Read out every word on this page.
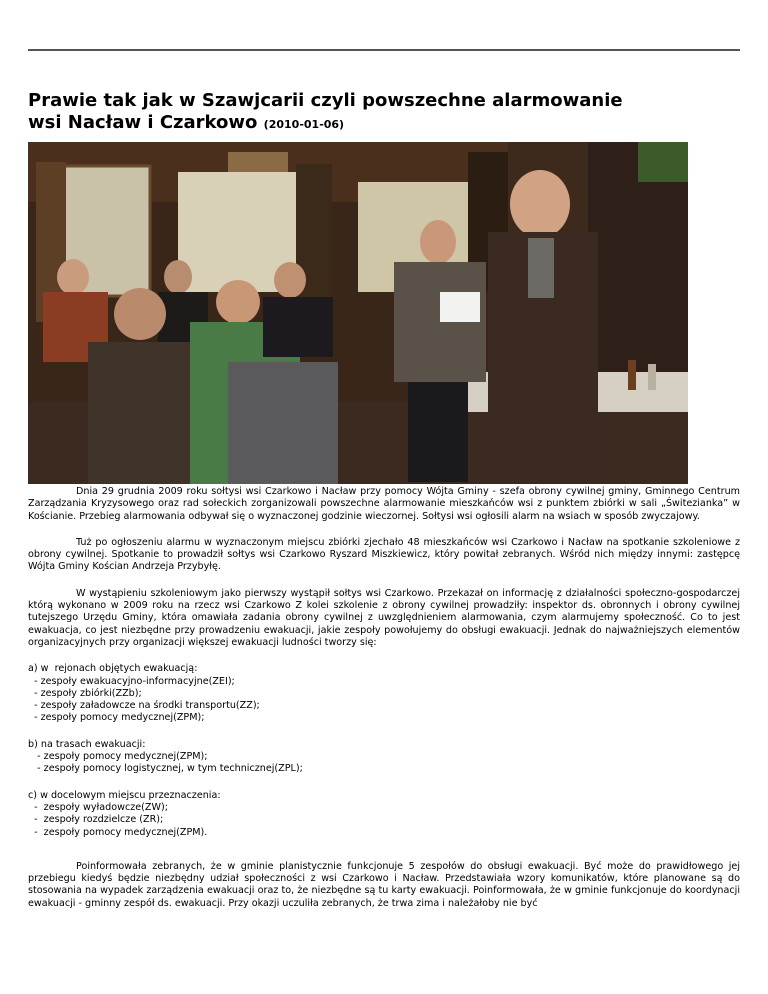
Prawie tak jak w Szawjcarii czyli powszechne alarmowanie
wsi Nacław i Czarkowo (2010-01-06)

Dnia 29 grudnia 2009 roku sołtysi wsi Czarkowo i Nacław przy pomocy Wójta Gminy - szefa obrony cywilnej gminy, Gminnego Centrum Zarządzania Kryzysowego oraz rad sołeckich zorganizowali powszechne alarmowanie mieszkańców wsi z punktem zbiórki w sali „Świtezianka” w Kościanie. Przebieg alarmowania odbywał się o wyznaczonej godzinie wieczornej. Sołtysi wsi ogłosili alarm na wsiach w sposób zwyczajowy.

Tuż po ogłoszeniu alarmu w wyznaczonym miejscu zbiórki zjechało 48 mieszkańców wsi Czarkowo i Nacław na spotkanie szkoleniowe z obrony cywilnej. Spotkanie to prowadził sołtys wsi Czarkowo Ryszard Miszkiewicz, który powitał zebranych. Wśród nich między innymi: zastępcę Wójta Gminy Kościan Andrzeja Przybyłę.

W wystąpieniu szkoleniowym jako pierwszy wystąpił sołtys wsi Czarkowo. Przekazał on informację z działalności społeczno-gospodarczej którą wykonano w 2009 roku na rzecz wsi Czarkowo Z kolei szkolenie z obrony cywilnej prowadziły: inspektor ds. obronnych i obrony cywilnej tutejszego Urzędu Gminy, która omawiała zadania obrony cywilnej z uwzględnieniem alarmowania, czym alarmujemy społeczność. Co to jest ewakuacja, co jest niezbędne przy prowadzeniu ewakuacji, jakie zespoły powołujemy do obsługi ewakuacji. Jednak do najważniejszych elementów organizacyjnych przy organizacji większej ewakuacji ludności tworzy się:

a) w  rejonach objętych ewakuacją:
- zespoły ewakuacyjno-informacyjne(ZEI);
- zespoły zbiórki(ZZb);
- zespoły załadowcze na środki transportu(ZZ);
- zespoły pomocy medycznej(ZPM);
b) na trasach ewakuacji:
- zespoły pomocy medycznej(ZPM);
- zespoły pomocy logistycznej, w tym technicznej(ZPL);
c) w docelowym miejscu przeznaczenia:
-  zespoły wyładowcze(ZW);
-  zespoły rozdzielcze (ZR);
-  zespoły pomocy medycznej(ZPM).

Poinformowała zebranych, że w gminie planistycznie funkcjonuje 5 zespołów do obsługi ewakuacji. Być może do prawidłowego jej przebiegu kiedyś będzie niezbędny udział społeczności z wsi Czarkowo i Nacław. Przedstawiała wzory komunikatów, które planowane są do stosowania na wypadek zarządzenia ewakuacji oraz to, że niezbędne są tu karty ewakuacji. Poinformowała, że w gminie funkcjonuje do koordynacji ewakuacji - gminny zespół ds. ewakuacji. Przy okazji uczuliła zebranych, że trwa zima i należałoby nie być
